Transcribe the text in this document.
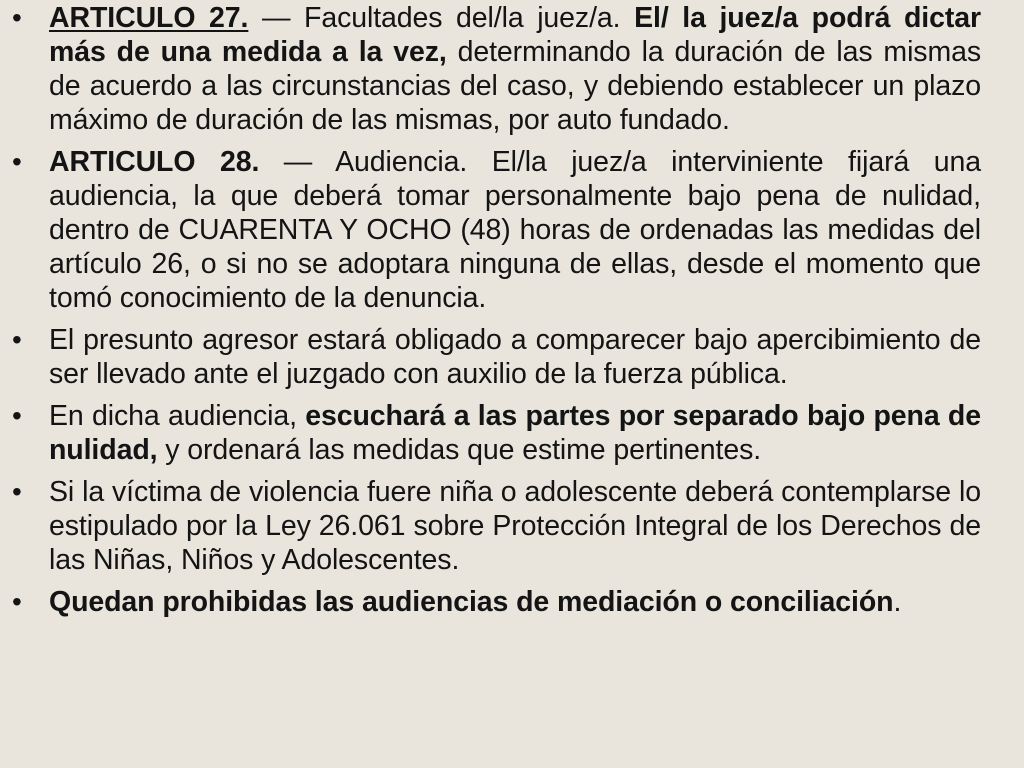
• ARTICULO 27. — Facultades del/la juez/a. El/ la juez/a podrá dictar más de una medida a la vez, determinando la duración de las mismas de acuerdo a las circunstancias del caso, y debiendo establecer un plazo máximo de duración de las mismas, por auto fundado.
• ARTICULO 28. — Audiencia. El/la juez/a interviniente fijará una audiencia, la que deberá tomar personalmente bajo pena de nulidad, dentro de CUARENTA Y OCHO (48) horas de ordenadas las medidas del artículo 26, o si no se adoptara ninguna de ellas, desde el momento que tomó conocimiento de la denuncia.
• El presunto agresor estará obligado a comparecer bajo apercibimiento de ser llevado ante el juzgado con auxilio de la fuerza pública.
• En dicha audiencia, escuchará a las partes por separado bajo pena de nulidad, y ordenará las medidas que estime pertinentes.
• Si la víctima de violencia fuere niña o adolescente deberá contemplarse lo estipulado por la Ley 26.061 sobre Protección Integral de los Derechos de las Niñas, Niños y Adolescentes.
• Quedan prohibidas las audiencias de mediación o conciliación.
